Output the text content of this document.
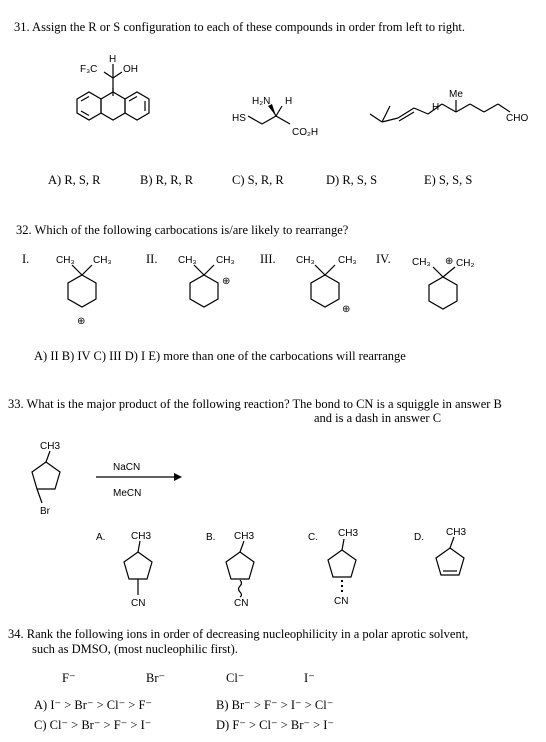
31. Assign the R or S configuration to each of these compounds in order from left to right.
F₃C
H
OH
H₂N H
HS
CO₂H
Me
H
CHO
A) R, S, R	B) R, R, R	C) S, R, R	D) R, S, S	E) S, S, S
32. Which of the following carbocations is/are likely to rearrange?
I.	II.	III.	IV.
CH₃ CH₃
⊕
CH₃ CH₃
⊕
CH₃ CH₃
⊕
CH₃ ⊕ CH₂
A) II B) IV C) III D) I E) more than one of the carbocations will rearrange
33. What is the major product of the following reaction? The bond to CN is a squiggle in answer B
and is a dash in answer C
CH3
Br
NaCN
MeCN
A.	CH3
CN
B. CH3
CN
C. CH3
CN
D. CH3
34. Rank the following ions in order of decreasing nucleophilicity in a polar aprotic solvent,
such as DMSO, (most nucleophilic first).
F⁻	Br⁻	Cl⁻	I⁻
A) I⁻ > Br⁻ > Cl⁻ > F⁻	B) Br⁻ > F⁻ > I⁻ > Cl⁻
C) Cl⁻ > Br⁻ > F⁻ > I⁻	D) F⁻ > Cl⁻ > Br⁻ > I⁻
